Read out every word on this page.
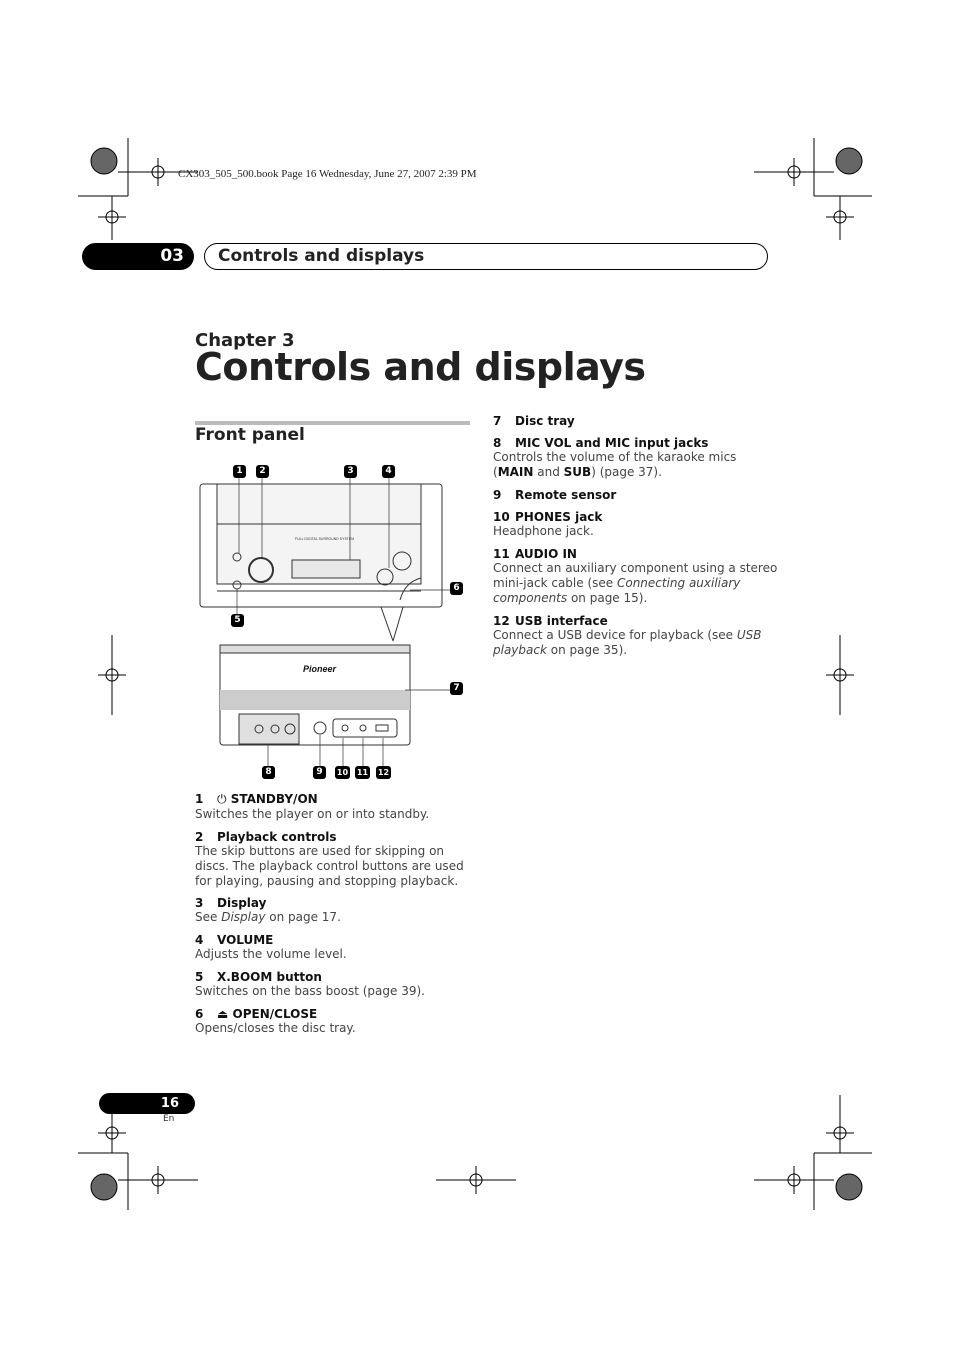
CX303_505_500.book Page 16 Wednesday, June 27, 2007 2:39 PM
03	Controls and displays
Chapter 3
Controls and displays
Front panel
Pioneer
FULL DIGITAL SURROUND SYSTEM
1	2	3	4
5
6
7
8	9	10 11 12
1 ⏻ STANDBY/ON
Switches the player on or into standby.
2 Playback controls
The skip buttons are used for skipping on discs. The playback control buttons are used for playing, pausing and stopping playback.
3 Display
See Display on page 17.
4 VOLUME
Adjusts the volume level.
5 X.BOOM button
Switches on the bass boost (page 39).
6 ⏏ OPEN/CLOSE
Opens/closes the disc tray.
7 Disc tray
8 MIC VOL and MIC input jacks
Controls the volume of the karaoke mics (MAIN and SUB) (page 37).
9 Remote sensor
10 PHONES jack
Headphone jack.
11 AUDIO IN
Connect an auxiliary component using a stereo mini-jack cable (see Connecting auxiliary components on page 15).
12 USB interface
Connect a USB device for playback (see USB playback on page 35).
16
En
